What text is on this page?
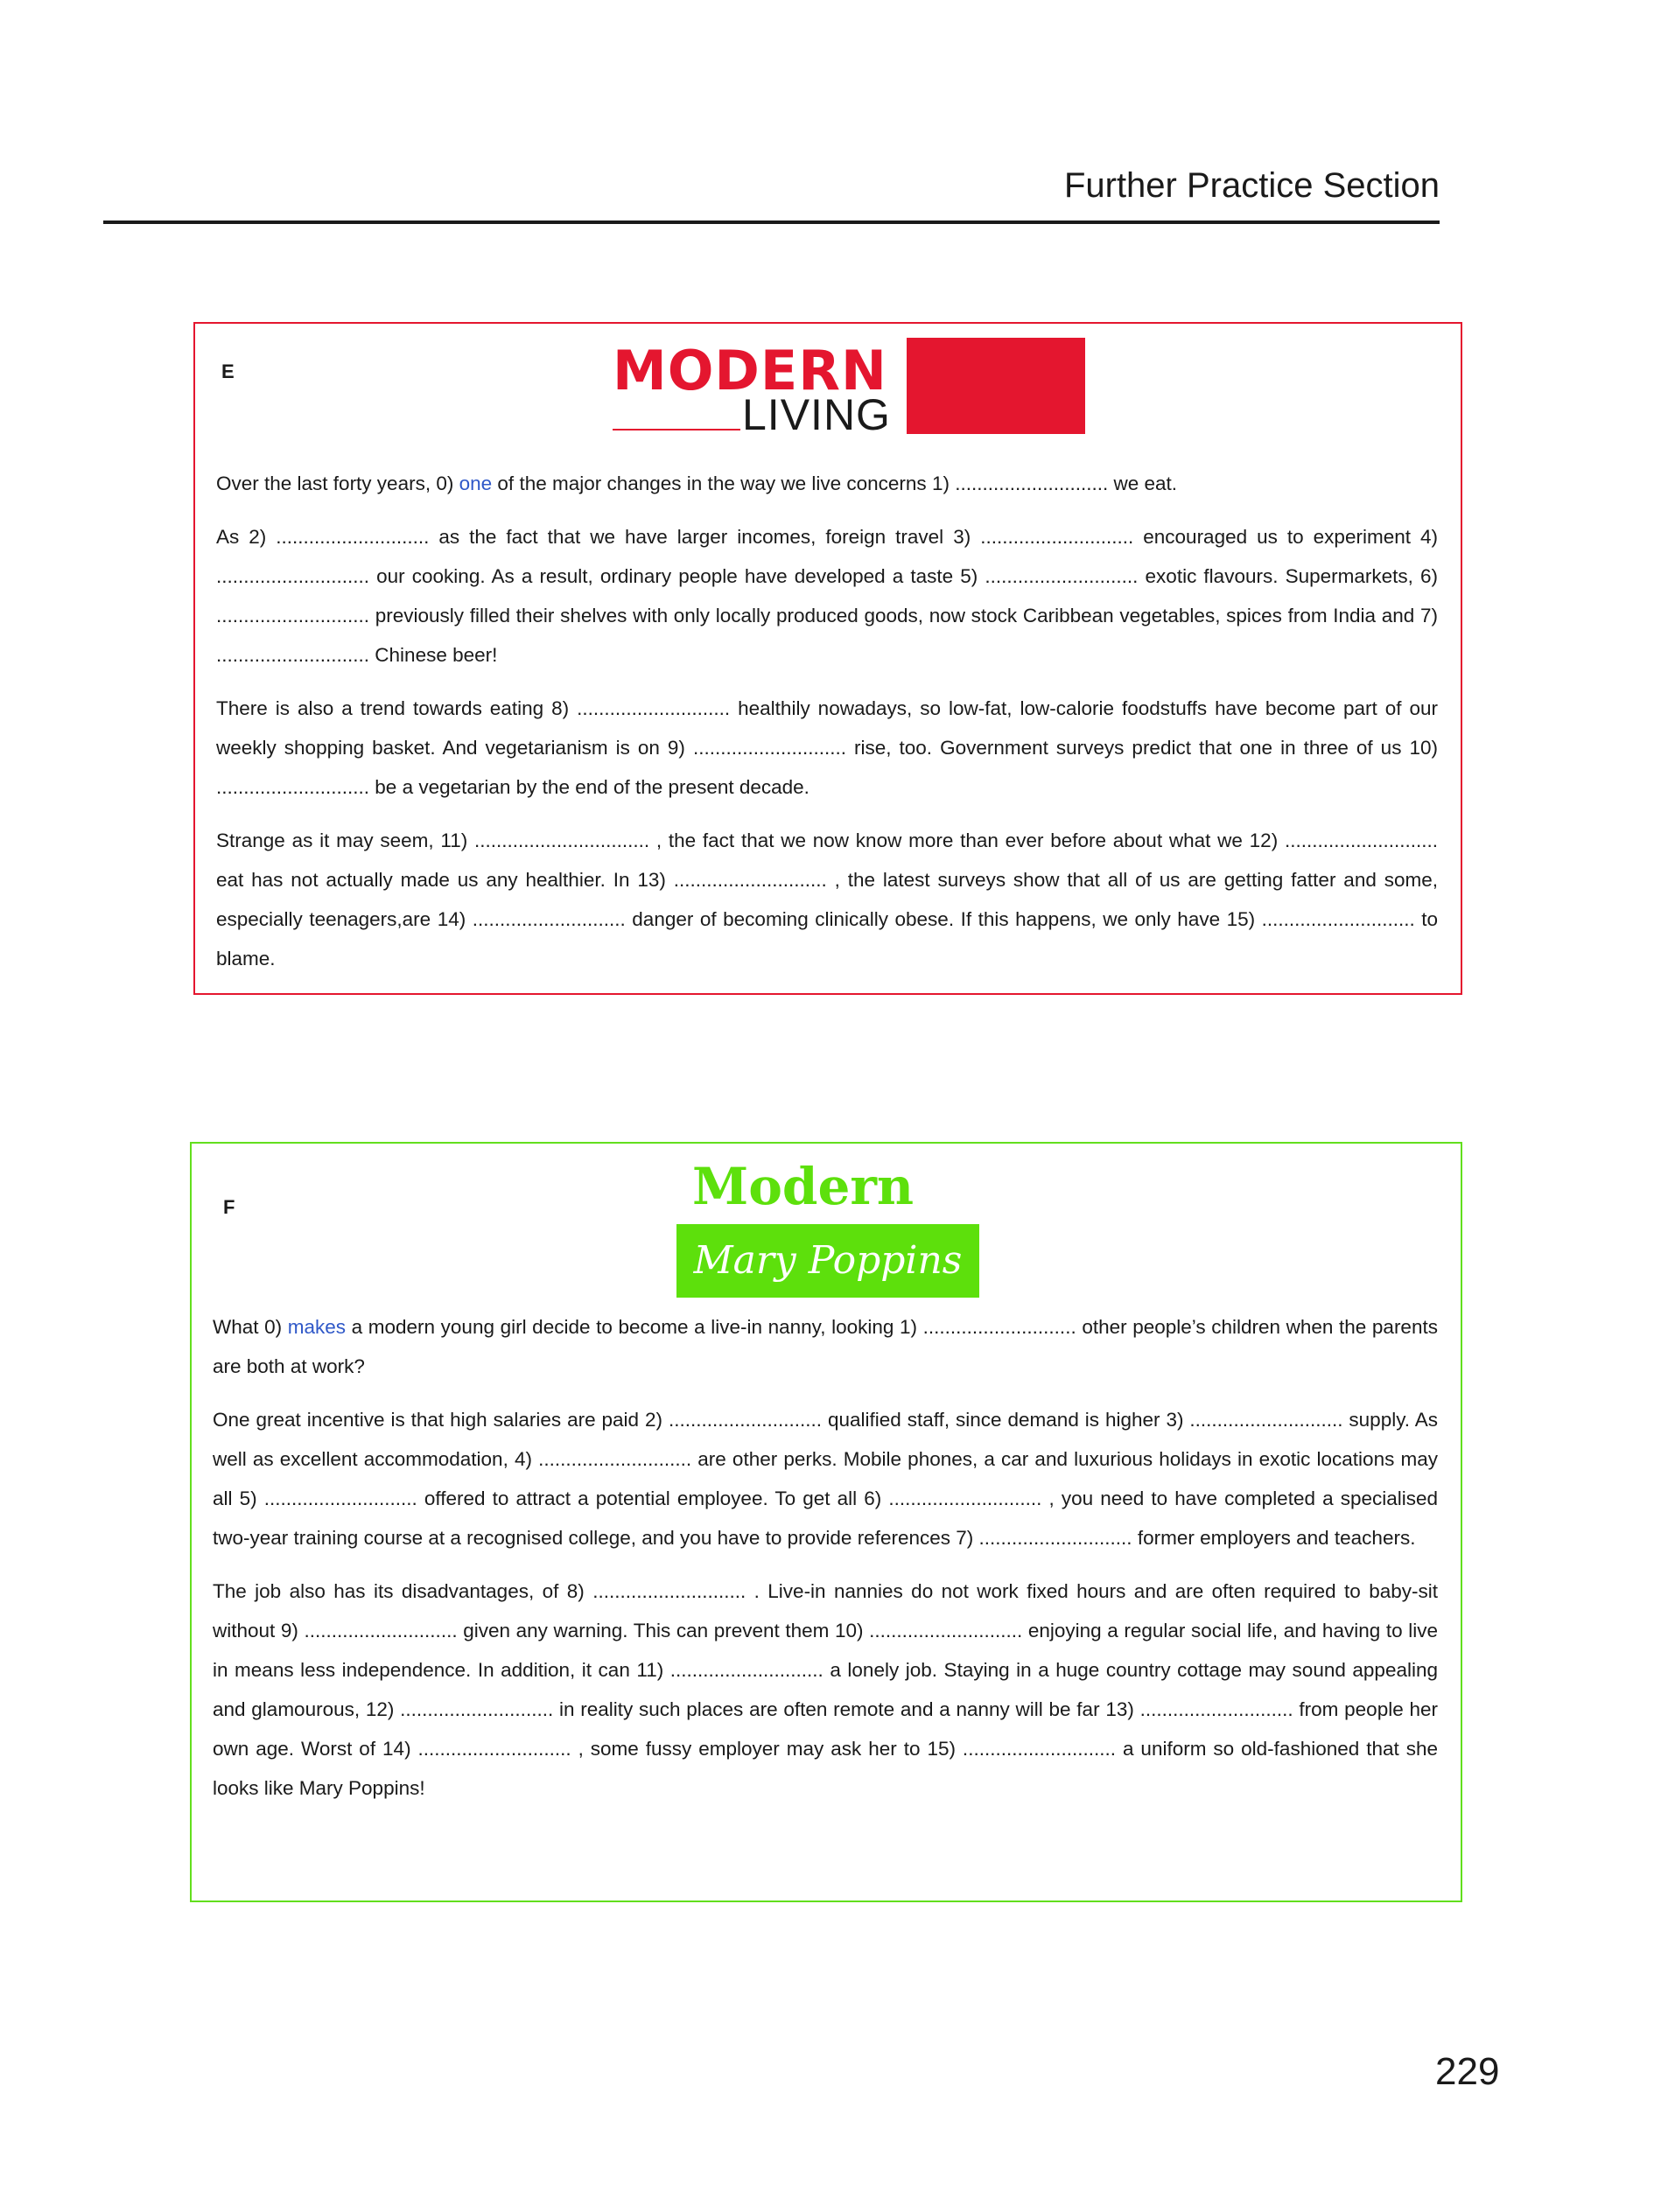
Further Practice Section
E	MODERN
LIVING

Over the last forty years, 0) one of the major changes in the way we live concerns 1) ............................ we eat.

As 2) ............................ as the fact that we have larger incomes, foreign travel 3) ............................ encouraged us to experiment 4) ............................ our cooking. As a result, ordinary people have developed a taste 5) ............................ exotic flavours. Supermarkets, 6) ............................ previously filled their shelves with only locally produced goods, now stock Caribbean vegetables, spices from India and 7) ............................ Chinese beer!

There is also a trend towards eating 8) ............................ healthily nowadays, so low-fat, low-calorie foodstuffs have become part of our weekly shopping basket. And vegetarianism is on 9) ............................ rise, too. Government surveys predict that one in three of us 10) ............................ be a vegetarian by the end of the present decade.

Strange as it may seem, 11) ................................ , the fact that we now know more than ever before about what we 12) ............................ eat has not actually made us any healthier. In 13) ............................ , the latest surveys show that all of us are getting fatter and some, especially teenagers,are 14) ............................ danger of becoming clinically obese. If this happens, we only have 15) ............................ to blame.

F	Modern
Mary Poppins

What 0) makes a modern young girl decide to become a live-in nanny, looking 1) ............................ other people’s children when the parents are both at work?

One great incentive is that high salaries are paid 2) ............................ qualified staff, since demand is higher 3) ............................ supply. As well as excellent accommodation, 4) ............................ are other perks. Mobile phones, a car and luxurious holidays in exotic locations may all 5) ............................ offered to attract a potential employee. To get all 6) ............................ , you need to have completed a specialised two-year training course at a recognised college, and you have to provide references 7) ............................ former employers and teachers.

The job also has its disadvantages, of 8) ............................ . Live-in nannies do not work fixed hours and are often required to baby-sit without 9) ............................ given any warning. This can prevent them 10) ............................ enjoying a regular social life, and having to live in means less independence. In addition, it can 11) ............................ a lonely job. Staying in a huge country cottage may sound appealing and glamourous, 12) ............................ in reality such places are often remote and a nanny will be far 13) ............................ from people her own age. Worst of 14) ............................ , some fussy employer may ask her to 15) ............................ a uniform so old-fashioned that she looks like Mary Poppins!

229
